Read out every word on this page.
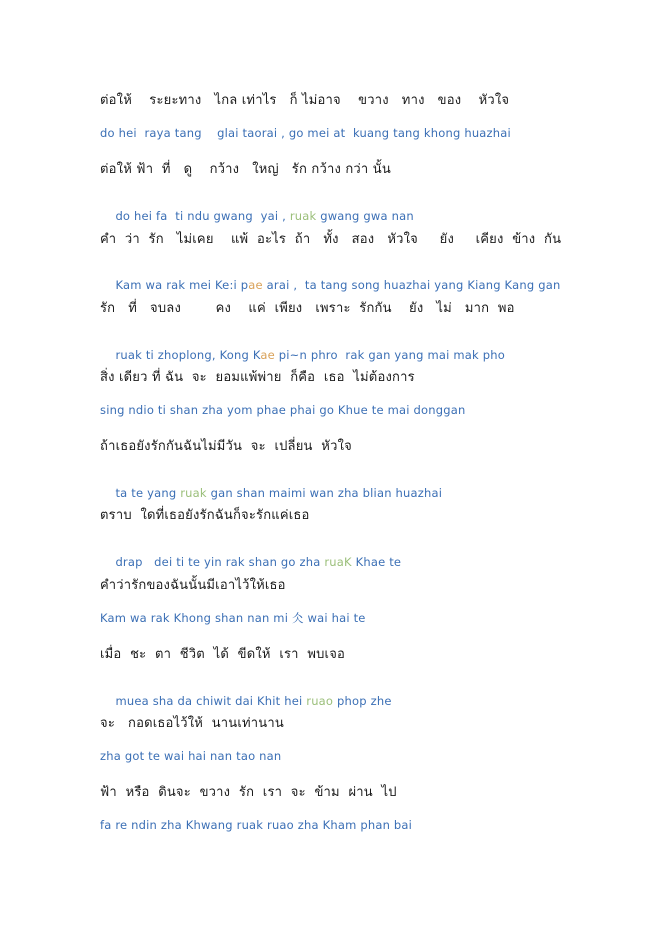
ต่อให้    ระยะทาง   ไกล เท่าไร   ก็ ไม่อาจ    ขวาง   ทาง   ของ    หัวใจ
do hei  raya tang    glai taorai , go mei at  kuang tang khong huazhai
ต่อให้ ฟ้า  ที่   ดู    กว้าง   ใหญ่   รัก กว้าง กว่า นั้น

do hei fa  ti ndu gwang  yai , ruak gwang gwa nan

คำ  ว่า  รัก   ไม่เคย    แพ้  อะไร  ถ้า   ทั้ง   สอง   หัวใจ     ยัง     เคียง  ข้าง  กัน

Kam wa rak mei Ke:i pae arai ,  ta tang song huazhai yang Kiang Kang gan

รัก   ที่   จบลง        คง    แค่  เพียง   เพราะ  รักกัน    ยัง   ไม่   มาก  พอ

ruak ti zhoplong, Kong Kae pi~n phro  rak gan yang mai mak pho

สิ่ง เดียว ที่ ฉัน  จะ  ยอมแพ้พ่าย  ก็คือ  เธอ  ไม่ต้องการ
sing ndio ti shan zha yom phae phai go Khue te mai donggan
ถ้าเธอยังรักกันฉันไม่มีวัน  จะ  เปลี่ยน  หัวใจ

ta te yang ruak gan shan maimi wan zha blian huazhai

ตราบ  ใดที่เธอยังรักฉันก็จะรักแค่เธอ

drap   dei ti te yin rak shan go zha ruaK Khae te

คำว่ารักของฉันนั้นมีเอาไว้ให้เธอ
Kam wa rak Khong shan nan mi 仌 wai hai te
เมื่อ  ชะ  ตา  ชีวิต  ได้  ขีดให้  เรา  พบเจอ

muea sha da chiwit dai Khit hei ruao phop zhe

จะ   กอดเธอไว้ให้  นานเท่านาน
zha got te wai hai nan tao nan
ฟ้า  หรือ  ดินจะ  ขวาง  รัก  เรา  จะ  ข้าม  ผ่าน  ไป
fa re ndin zha Khwang ruak ruao zha Kham phan bai
